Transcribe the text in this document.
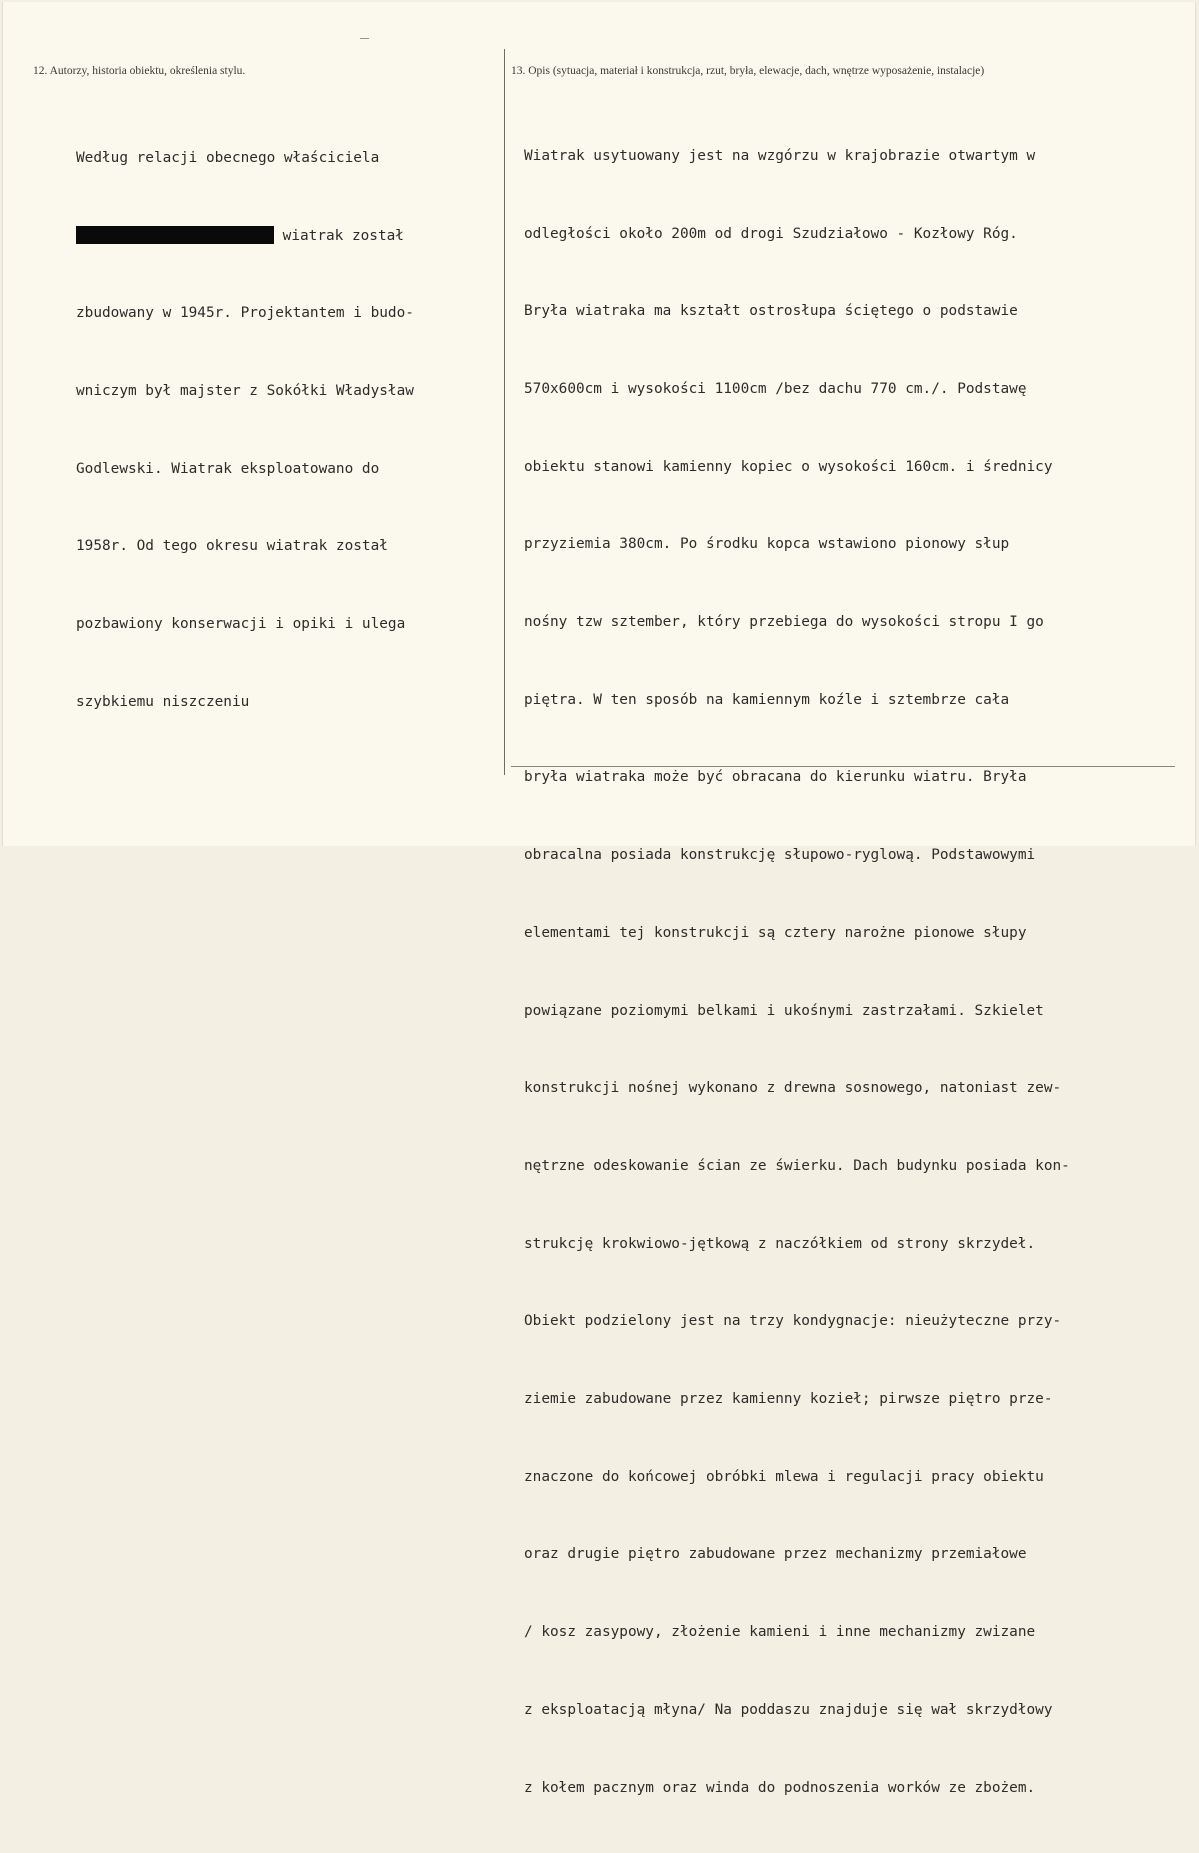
12. Autorzy, historia obiektu, określenia stylu.	13. Opis (sytuacja, materiał i konstrukcja, rzut, bryła, elewacje, dach, wnętrze wyposażenie, instalacje)

Według relacji obecnego właściciela

wiatrak został

zbudowany w 1945r. Projektantem i budo-

wniczym był majster z Sokółki Władysław

Godlewski. Wiatrak eksploatowano do

1958r. Od tego okresu wiatrak został

pozbawiony konserwacji i opiki i ulega

szybkiemu niszczeniu

Wiatrak usytuowany jest na wzgórzu w krajobrazie otwartym w

odległości około 200m od drogi Szudziałowo - Kozłowy Róg.

Bryła wiatraka ma kształt ostrosłupa ściętego o podstawie

570x600cm i wysokości 1100cm /bez dachu 770 cm./. Podstawę

obiektu stanowi kamienny kopiec o wysokości 160cm. i średnicy

przyziemia 380cm. Po środku kopca wstawiono pionowy słup

nośny tzw sztember, który przebiega do wysokości stropu I go

piętra. W ten sposób na kamiennym koźle i sztembrze cała

bryła wiatraka może być obracana do kierunku wiatru. Bryła

obracalna posiada konstrukcję słupowo-ryglową. Podstawowymi

elementami tej konstrukcji są cztery narożne pionowe słupy

powiązane poziomymi belkami i ukośnymi zastrzałami. Szkielet

konstrukcji nośnej wykonano z drewna sosnowego, natoniast zew-

nętrzne odeskowanie ścian ze świerku. Dach budynku posiada kon-

strukcję krokwiowo-jętkową z naczółkiem od strony skrzydeł.

Obiekt podzielony jest na trzy kondygnacje: nieużyteczne przy-

ziemie zabudowane przez kamienny kozieł; pirwsze piętro prze-

znaczone do końcowej obróbki mlewa i regulacji pracy obiektu

oraz drugie piętro zabudowane przez mechanizmy przemiałowe

/ kosz zasypowy, złożenie kamieni i inne mechanizmy zwizane

z eksploatacją młyna/ Na poddaszu znajduje się wał skrzydłowy

z kołem pacznym oraz winda do podnoszenia worków ze zbożem.
